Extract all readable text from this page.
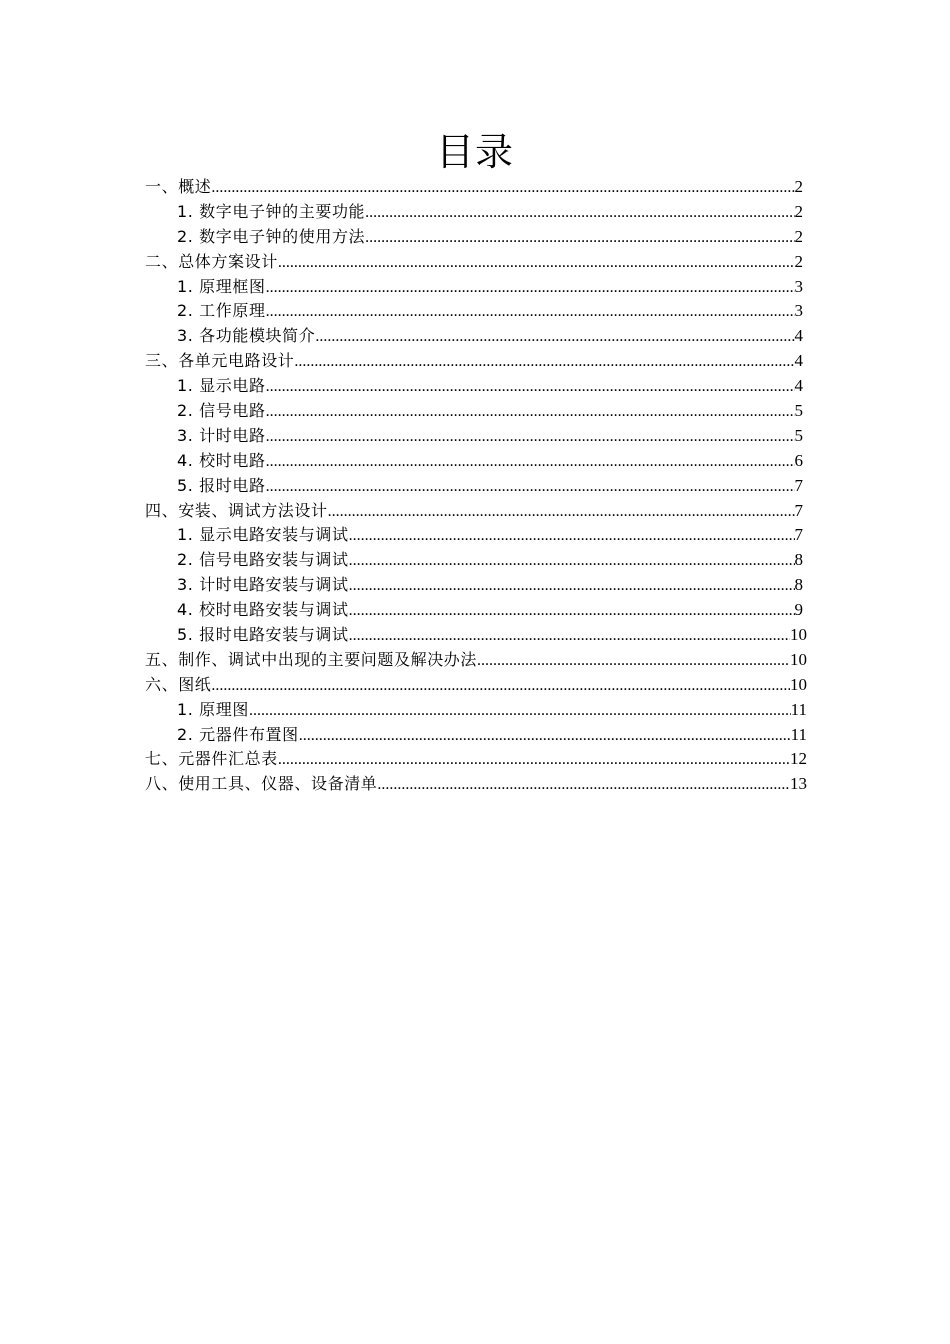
目录
一、概述 .....	2
1. 数字电子钟的主要功能 .....	2
2. 数字电子钟的使用方法 .....	2
二、总体方案设计 .....	2
1. 原理框图 .....	3
2. 工作原理 .....	3
3. 各功能模块简介 .....	4
三、各单元电路设计 .....	4
1. 显示电路 .....	4
2. 信号电路 .....	5
3. 计时电路 .....	5
4. 校时电路 .....	6
5. 报时电路 .....	7
四、安装、调试方法设计 .....	7
1. 显示电路安装与调试 .....	7
2. 信号电路安装与调试 .....	8
3. 计时电路安装与调试 .....	8
4. 校时电路安装与调试 .....	9
5. 报时电路安装与调试 .....	10
五、制作、调试中出现的主要问题及解决办法 .....	10
六、图纸 .....	10
1. 原理图 .....	11
2. 元器件布置图 .....	11
七、元器件汇总表 .....	12
八、使用工具、仪器、设备清单 .....	13
